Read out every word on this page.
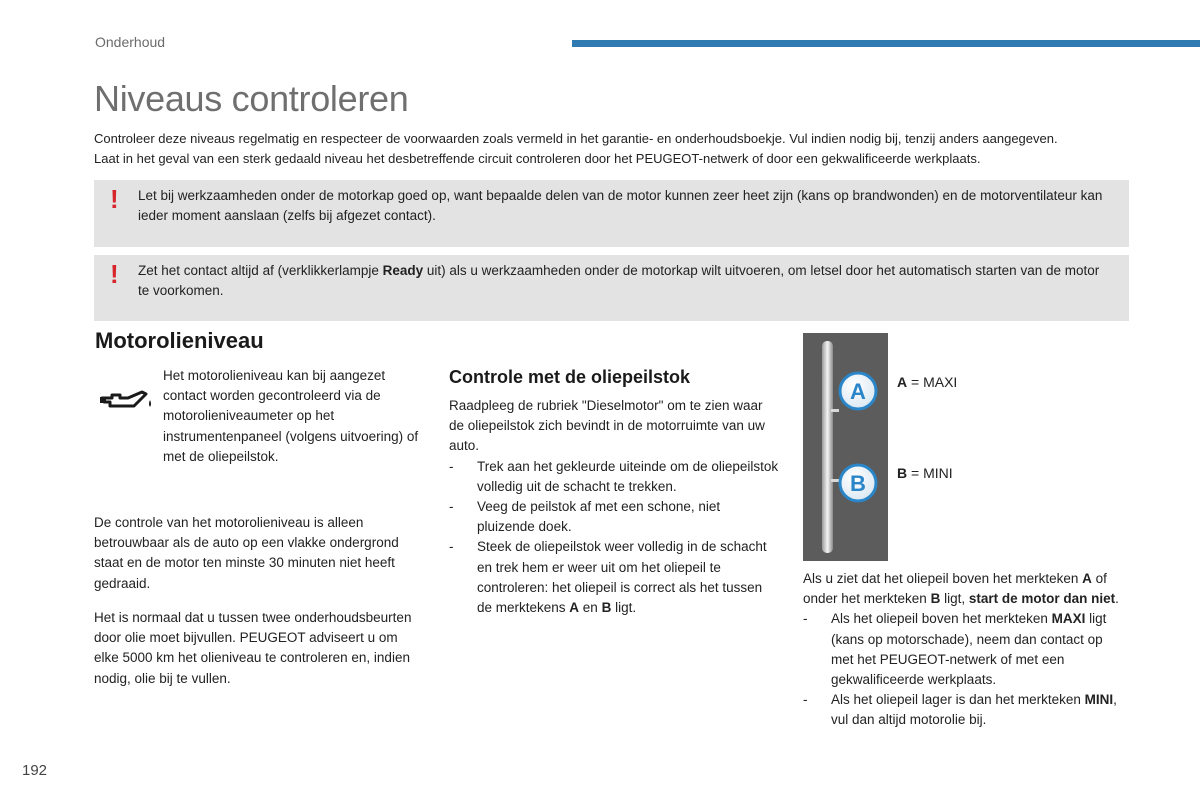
Onderhoud
Niveaus controleren

Controleer deze niveaus regelmatig en respecteer de voorwaarden zoals vermeld in het garantie- en onderhoudsboekje. Vul indien nodig bij, tenzij anders aangegeven.

Laat in het geval van een sterk gedaald niveau het desbetreffende circuit controleren door het PEUGEOT-netwerk of door een gekwalificeerde werkplaats.

! Let bij werkzaamheden onder de motorkap goed op, want bepaalde delen van de motor kunnen zeer heet zijn (kans op brandwonden) en de motorventilateur kan ieder moment aanslaan (zelfs bij afgezet contact).
! Zet het contact altijd af (verklikkerlampje Ready uit) als u werkzaamheden onder de motorkap wilt uitvoeren, om letsel door het automatisch starten van de motor te voorkomen.
Motorolieniveau
Het motorolieniveau kan bij aangezet contact worden gecontroleerd via de motorolieniveaumeter op het instrumentenpaneel (volgens uitvoering) of met de oliepeilstok.
De controle van het motorolieniveau is alleen betrouwbaar als de auto op een vlakke ondergrond staat en de motor ten minste 30 minuten niet heeft gedraaid.
Het is normaal dat u tussen twee onderhoudsbeurten door olie moet bijvullen. PEUGEOT adviseert u om elke 5000 km het olieniveau te controleren en, indien nodig, olie bij te vullen.
Controle met de oliepeilstok
Raadpleeg de rubriek "Dieselmotor" om te zien waar de oliepeilstok zich bevindt in de motorruimte van uw auto.
- Trek aan het gekleurde uiteinde om de oliepeilstok volledig uit de schacht te trekken.
- Veeg de peilstok af met een schone, niet pluizende doek.
- Steek de oliepeilstok weer volledig in de schacht en trek hem er weer uit om het oliepeil te controleren: het oliepeil is correct als het tussen de merktekens A en B ligt.
A
B
A = MAXI
B = MINI

Als u ziet dat het oliepeil boven het merkteken A of onder het merkteken B ligt, start de motor dan niet.

- Als het oliepeil boven het merkteken MAXI ligt (kans op motorschade), neem dan contact op met het PEUGEOT-netwerk of met een gekwalificeerde werkplaats.
- Als het oliepeil lager is dan het merkteken MINI, vul dan altijd motorolie bij.
192
